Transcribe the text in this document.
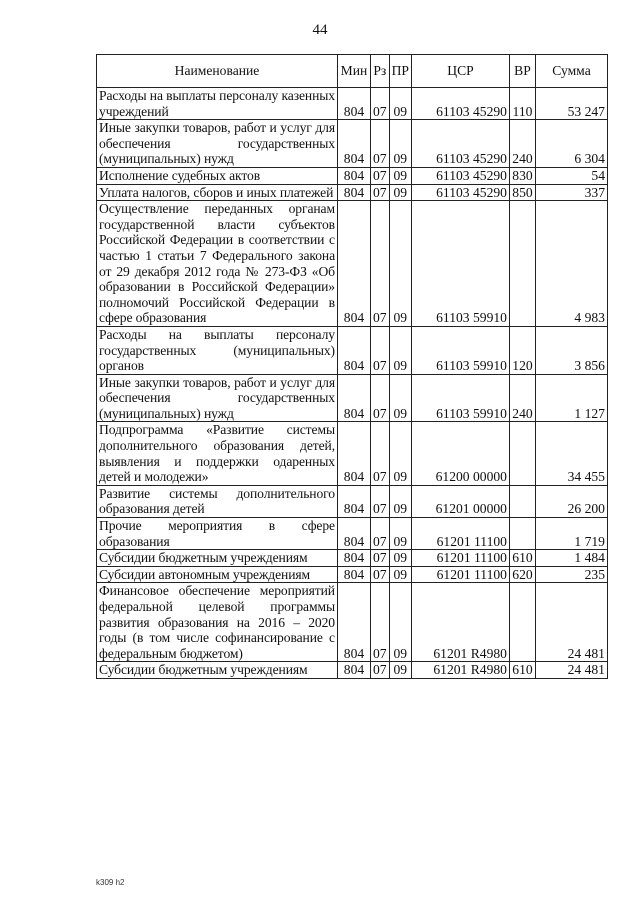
44
Наименование	Мин	Рз	ПР	ЦСР	ВР	Сумма
Расходы на выплаты персоналу казенных учреждений	804	07	09	61103 45290	110	53 247
Иные закупки товаров, работ и услуг для обеспечения государственных (муниципальных) нужд	804	07	09	61103 45290	240	6 304
Исполнение судебных актов	804	07	09	61103 45290	830	54
Уплата налогов, сборов и иных платежей	804	07	09	61103 45290	850	337
Осуществление переданных органам государственной власти субъектов Российской Федерации в соответствии с частью 1 статьи 7 Федерального закона от 29 декабря 2012 года № 273-ФЗ «Об образовании в Российской Федерации» полномочий Российской Федерации в сфере образования	804	07	09	61103 59910		4 983
Расходы на выплаты персоналу государственных (муниципальных) органов	804	07	09	61103 59910	120	3 856
Иные закупки товаров, работ и услуг для обеспечения государственных (муниципальных) нужд	804	07	09	61103 59910	240	1 127
Подпрограмма «Развитие системы дополнительного образования детей, выявления и поддержки одаренных детей и молодежи»	804	07	09	61200 00000		34 455
Развитие системы дополнительного образования детей	804	07	09	61201 00000		26 200
Прочие мероприятия в сфере образования	804	07	09	61201 11100		1 719
Субсидии бюджетным учреждениям	804	07	09	61201 11100	610	1 484
Субсидии автономным учреждениям	804	07	09	61201 11100	620	235
Финансовое обеспечение мероприятий федеральной целевой программы развития образования на 2016 – 2020 годы (в том числе софинансирование с федеральным бюджетом)	804	07	09	61201 R4980		24 481
Субсидии бюджетным учреждениям	804	07	09	61201 R4980	610	24 481
k309 h2
